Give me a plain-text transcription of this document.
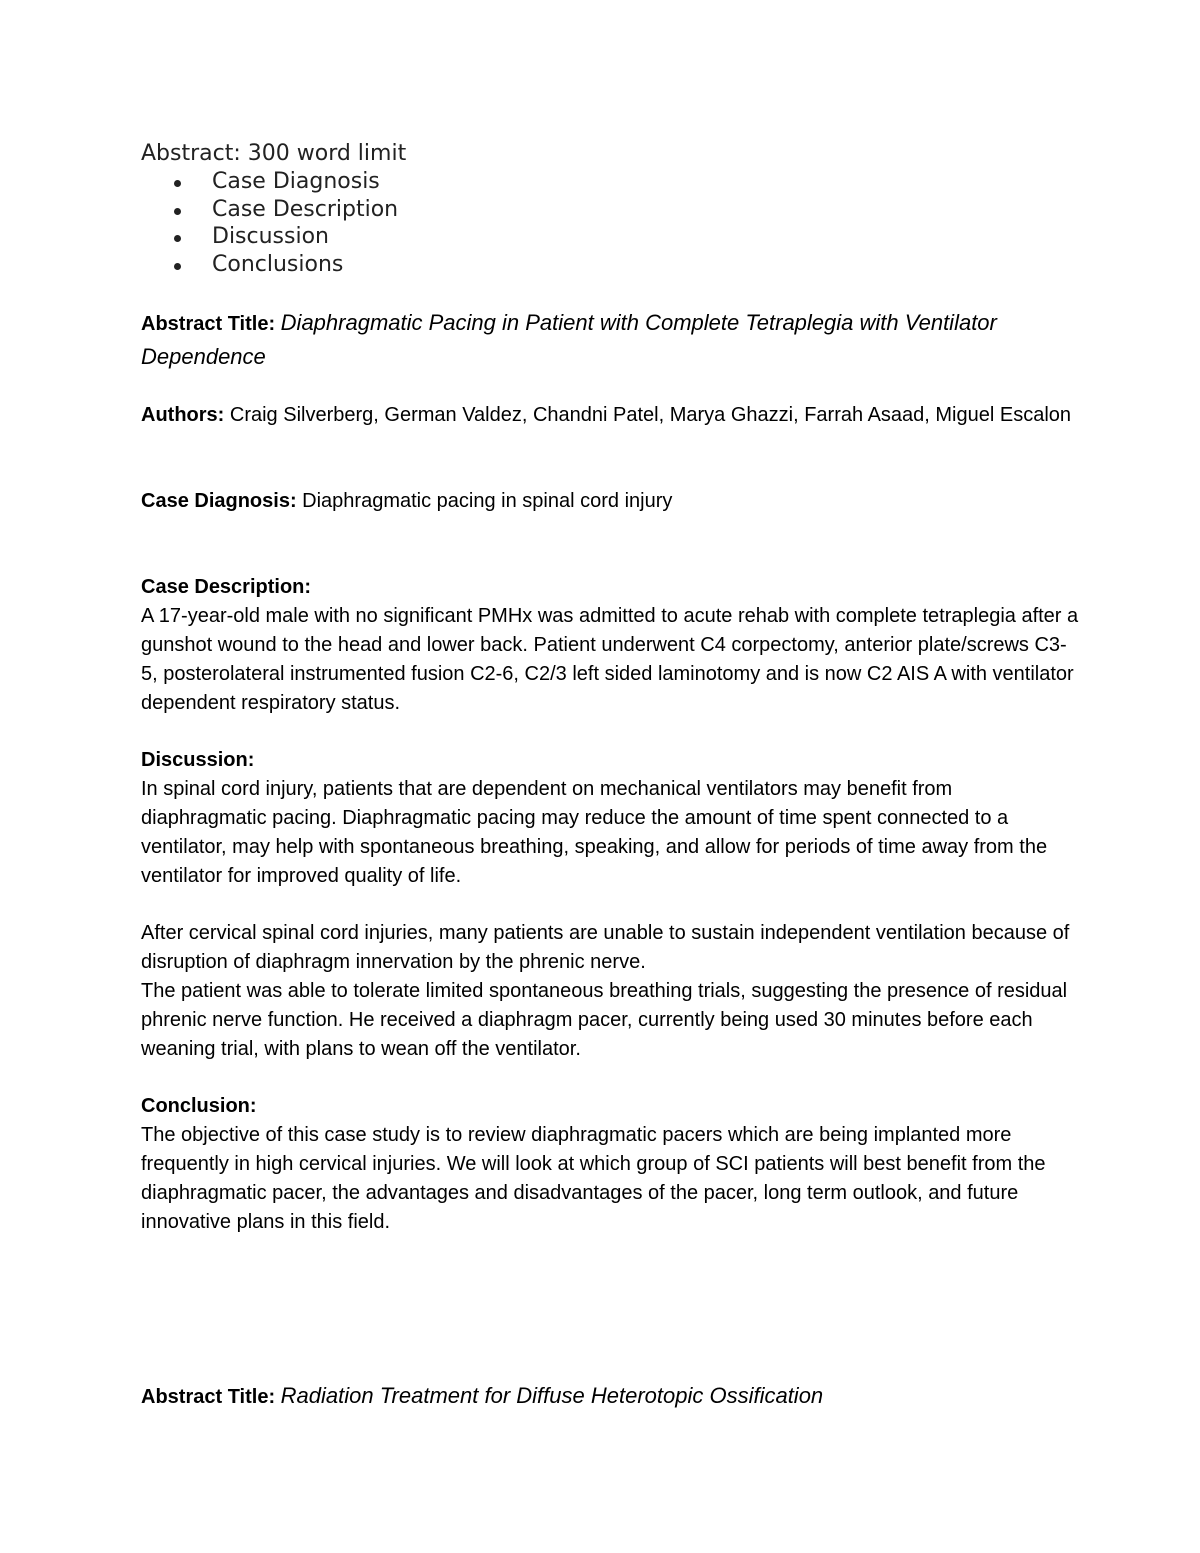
Abstract: 300 word limit
Case Diagnosis
Case Description
Discussion
Conclusions
Abstract Title: Diaphragmatic Pacing in Patient with Complete Tetraplegia with Ventilator Dependence
Authors: Craig Silverberg, German Valdez, Chandni Patel, Marya Ghazzi, Farrah Asaad, Miguel Escalon
Case Diagnosis: Diaphragmatic pacing in spinal cord injury
Case Description:

A 17-year-old male with no significant PMHx was admitted to acute rehab with complete tetraplegia after a gunshot wound to the head and lower back. Patient underwent C4 corpectomy, anterior plate/screws C3-5, posterolateral instrumented fusion C2-6, C2/3 left sided laminotomy and is now C2 AIS A with ventilator dependent respiratory status.

Discussion:

In spinal cord injury, patients that are dependent on mechanical ventilators may benefit from diaphragmatic pacing. Diaphragmatic pacing may reduce the amount of time spent connected to a ventilator, may help with spontaneous breathing, speaking, and allow for periods of time away from the ventilator for improved quality of life.

After cervical spinal cord injuries, many patients are unable to sustain independent ventilation because of disruption of diaphragm innervation by the phrenic nerve.

The patient was able to tolerate limited spontaneous breathing trials, suggesting the presence of residual phrenic nerve function. He received a diaphragm pacer, currently being used 30 minutes before each weaning trial, with plans to wean off the ventilator.

Conclusion:

The objective of this case study is to review diaphragmatic pacers which are being implanted more frequently in high cervical injuries. We will look at which group of SCI patients will best benefit from the diaphragmatic pacer, the advantages and disadvantages of the pacer, long term outlook, and future innovative plans in this field.

Abstract Title: Radiation Treatment for Diffuse Heterotopic Ossification
